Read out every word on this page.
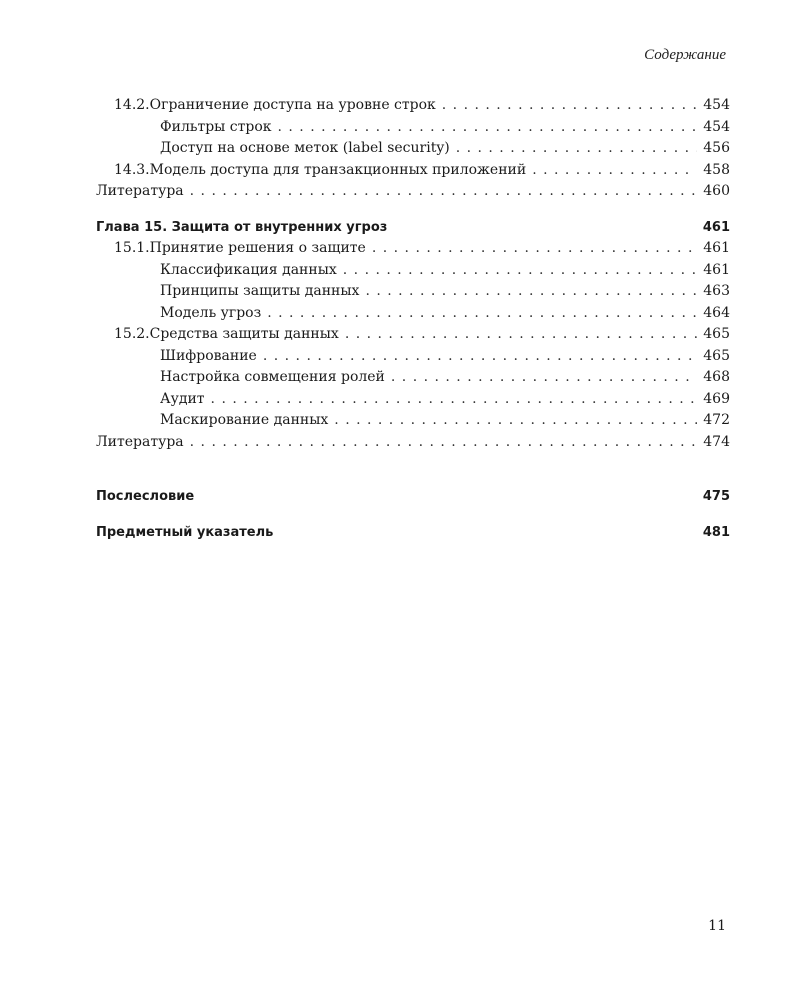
Содержание
14.2. Ограничение доступа на уровне строк . . .	454
Фильтры строк . . .	454
Доступ на основе меток (label security) . . .	456
14.3. Модель доступа для транзакционных приложений . . .	458
Литература . . .	460
Глава 15. Защита от внутренних угроз	461
15.1. Принятие решения о защите . . .	461
Классификация данных . . .	461
Принципы защиты данных . . .	463
Модель угроз . . .	464
15.2. Средства защиты данных . . .	465
Шифрование . . .	465
Настройка совмещения ролей . . .	468
Аудит . . .	469
Маскирование данных . . .	472
Литература . . .	474
Послесловие	475
Предметный указатель	481
11
